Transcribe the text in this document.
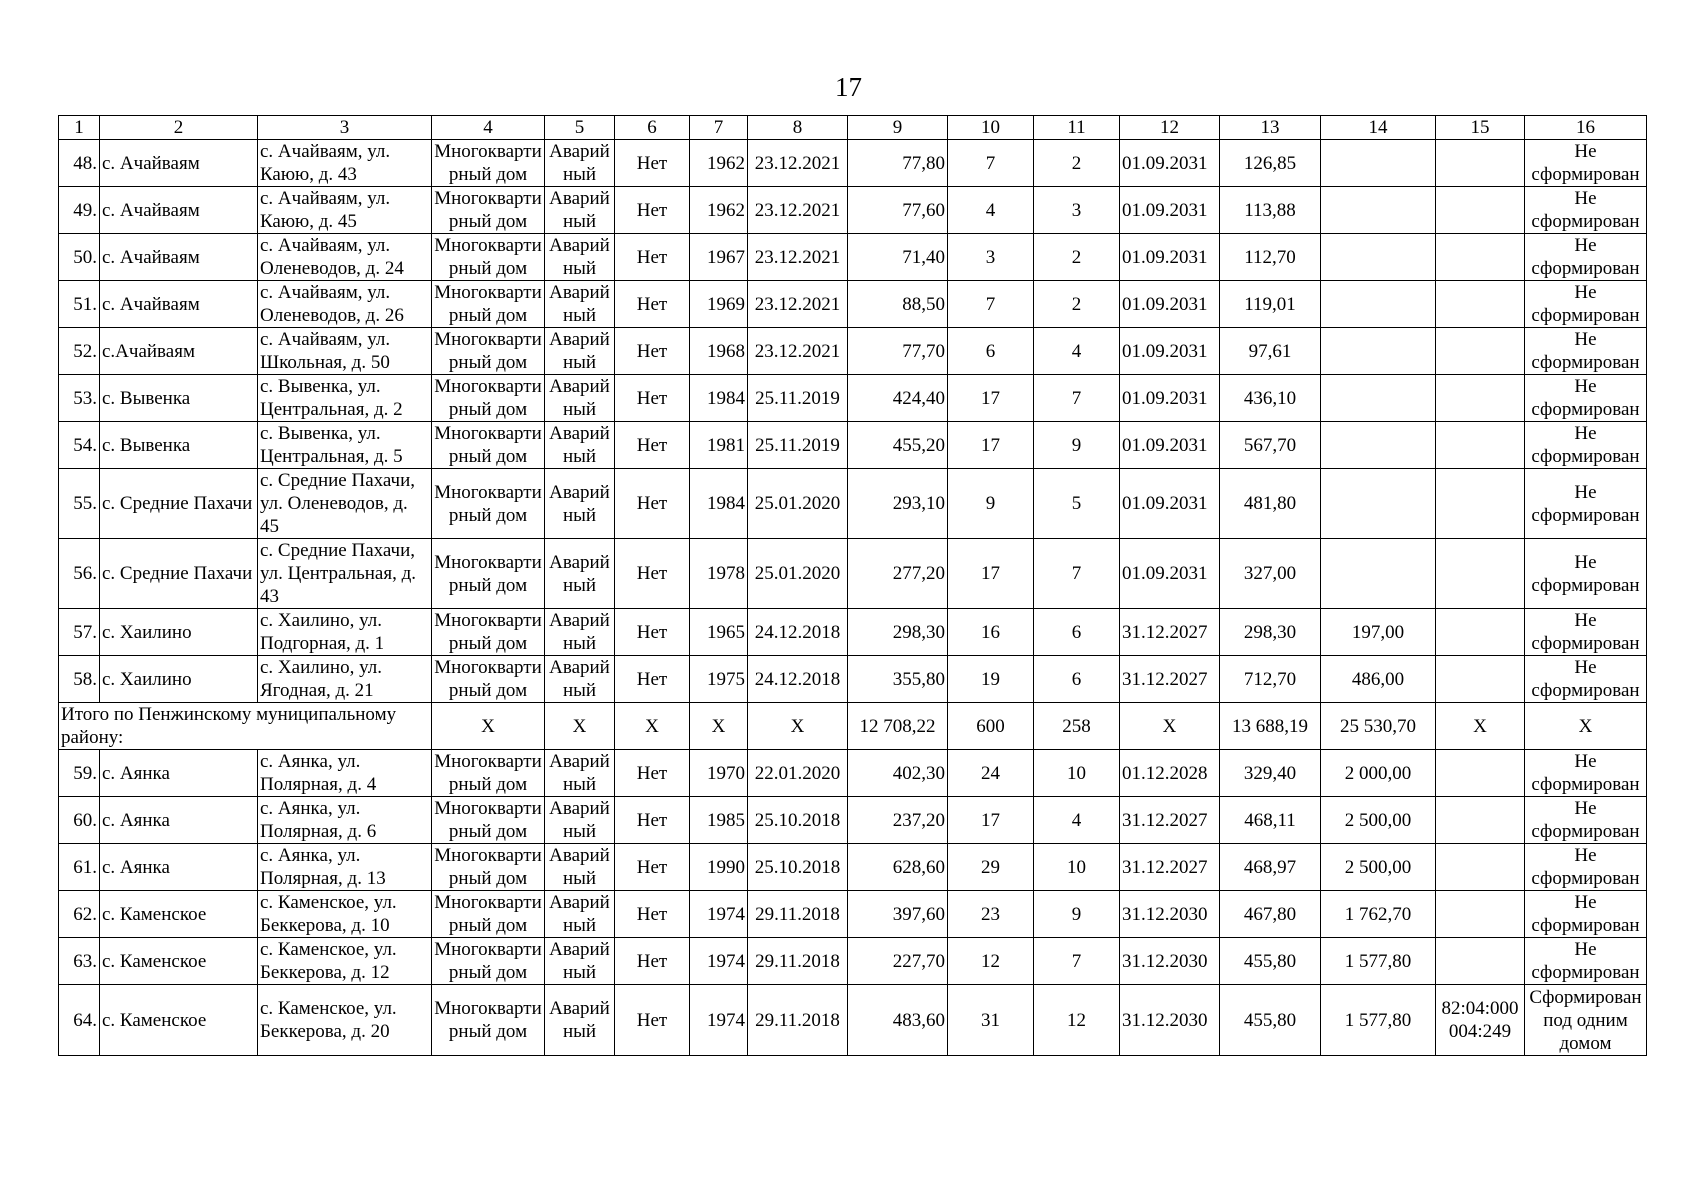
17
1	2	3	4	5	6	7	8	9	10	11	12	13	14	15	16
48.	с. Ачайваям	с. Ачайваям, ул. Каюю, д. 43	Многоквартирный дом	Аварийный	Нет	1962	23.12.2021	77,80	7	2	01.09.2031	126,85			Не сформирован
49.	с. Ачайваям	с. Ачайваям, ул. Каюю, д. 45	Многоквартирный дом	Аварийный	Нет	1962	23.12.2021	77,60	4	3	01.09.2031	113,88			Не сформирован
50.	с. Ачайваям	с. Ачайваям, ул. Оленеводов, д. 24	Многоквартирный дом	Аварийный	Нет	1967	23.12.2021	71,40	3	2	01.09.2031	112,70			Не сформирован
51.	с. Ачайваям	с. Ачайваям, ул. Оленеводов, д. 26	Многоквартирный дом	Аварийный	Нет	1969	23.12.2021	88,50	7	2	01.09.2031	119,01			Не сформирован
52.	с.Ачайваям	с. Ачайваям, ул. Школьная, д. 50	Многоквартирный дом	Аварийный	Нет	1968	23.12.2021	77,70	6	4	01.09.2031	97,61			Не сформирован
53.	с. Вывенка	с. Вывенка, ул. Центральная, д. 2	Многоквартирный дом	Аварийный	Нет	1984	25.11.2019	424,40	17	7	01.09.2031	436,10			Не сформирован
54.	с. Вывенка	с. Вывенка, ул. Центральная, д. 5	Многоквартирный дом	Аварийный	Нет	1981	25.11.2019	455,20	17	9	01.09.2031	567,70			Не сформирован
55.	с. Средние Пахачи	с. Средние Пахачи, ул. Оленеводов, д. 45	Многоквартирный дом	Аварийный	Нет	1984	25.01.2020	293,10	9	5	01.09.2031	481,80			Не сформирован
56.	с. Средние Пахачи	с. Средние Пахачи, ул. Центральная, д. 43	Многоквартирный дом	Аварийный	Нет	1978	25.01.2020	277,20	17	7	01.09.2031	327,00			Не сформирован
57.	с. Хаилино	с. Хаилино, ул. Подгорная, д. 1	Многоквартирный дом	Аварийный	Нет	1965	24.12.2018	298,30	16	6	31.12.2027	298,30	197,00		Не сформирован
58.	с. Хаилино	с. Хаилино, ул. Ягодная, д. 21	Многоквартирный дом	Аварийный	Нет	1975	24.12.2018	355,80	19	6	31.12.2027	712,70	486,00		Не сформирован
Итого по Пенжинскому муниципальному району:			X	X	X	X	X	12 708,22	600	258	X	13 688,19	25 530,70	X	X
59.	с. Аянка	с. Аянка, ул. Полярная, д. 4	Многоквартирный дом	Аварийный	Нет	1970	22.01.2020	402,30	24	10	01.12.2028	329,40	2 000,00		Не сформирован
60.	с. Аянка	с. Аянка, ул. Полярная, д. 6	Многоквартирный дом	Аварийный	Нет	1985	25.10.2018	237,20	17	4	31.12.2027	468,11	2 500,00		Не сформирован
61.	с. Аянка	с. Аянка, ул. Полярная, д. 13	Многоквартирный дом	Аварийный	Нет	1990	25.10.2018	628,60	29	10	31.12.2027	468,97	2 500,00		Не сформирован
62.	с. Каменское	с. Каменское, ул. Беккерова, д. 10	Многоквартирный дом	Аварийный	Нет	1974	29.11.2018	397,60	23	9	31.12.2030	467,80	1 762,70		Не сформирован
63.	с. Каменское	с. Каменское, ул. Беккерова, д. 12	Многоквартирный дом	Аварийный	Нет	1974	29.11.2018	227,70	12	7	31.12.2030	455,80	1 577,80		Не сформирован
64.	с. Каменское	с. Каменское, ул. Беккерова, д. 20	Многоквартирный дом	Аварийный	Нет	1974	29.11.2018	483,60	31	12	31.12.2030	455,80	1 577,80	82:04:000004:249	Сформирован под одним домом
